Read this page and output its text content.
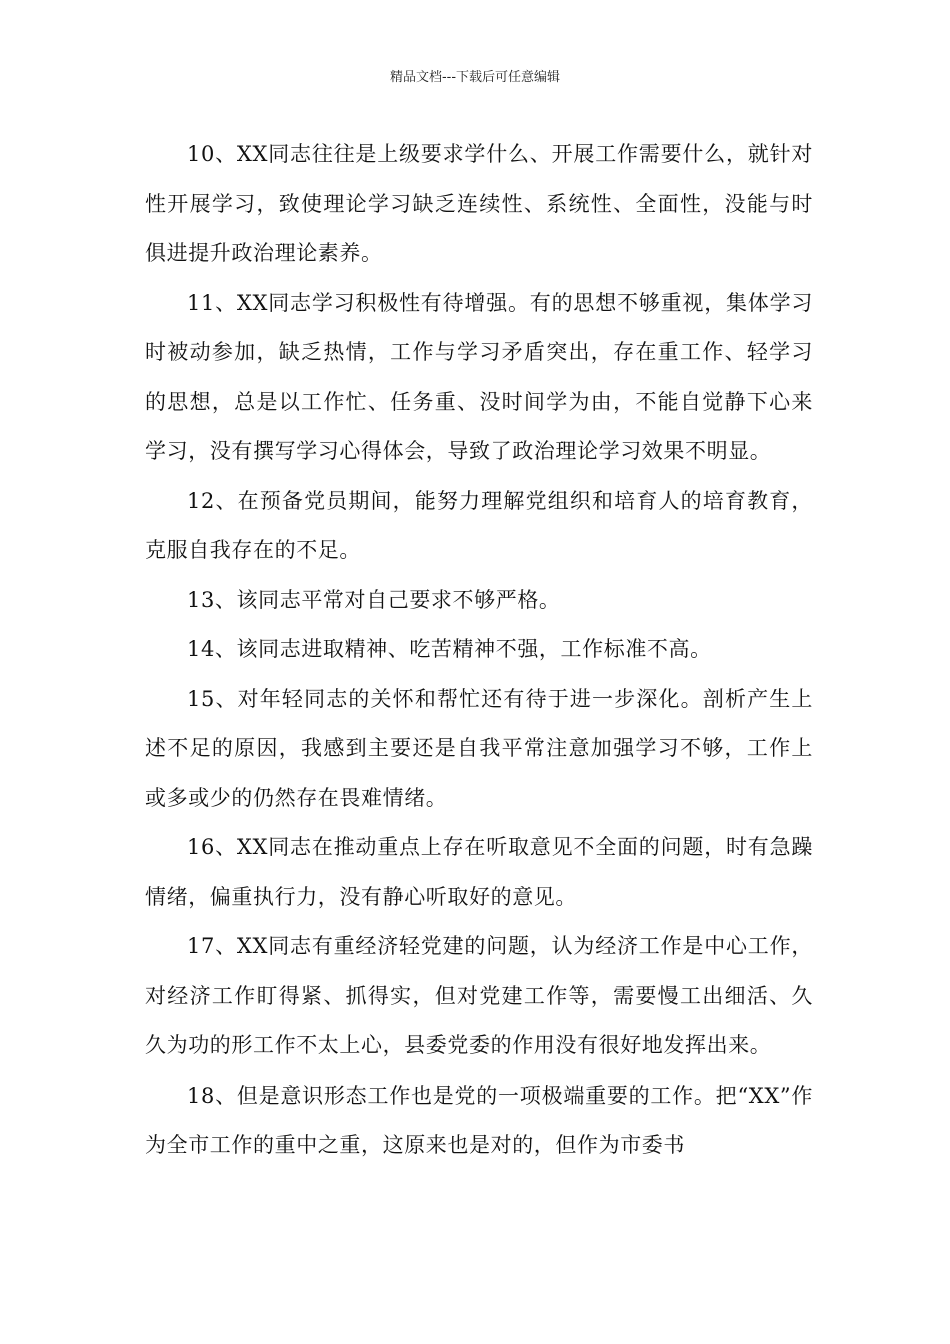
精品文档---下载后可任意编辑

10、XX同志往往是上级要求学什么、开展工作需要什么，就针对性开展学习，致使理论学习缺乏连续性、系统性、全面性，没能与时俱进提升政治理论素养。

11、XX同志学习积极性有待增强。有的思想不够重视，集体学习时被动参加，缺乏热情，工作与学习矛盾突出，存在重工作、轻学习的思想，总是以工作忙、任务重、没时间学为由，不能自觉静下心来学习，没有撰写学习心得体会，导致了政治理论学习效果不明显。

12、在预备党员期间，能努力理解党组织和培育人的培育教育，克服自我存在的不足。

13、该同志平常对自己要求不够严格。

14、该同志进取精神、吃苦精神不强，工作标准不高。

15、对年轻同志的关怀和帮忙还有待于进一步深化。剖析产生上述不足的原因，我感到主要还是自我平常注意加强学习不够，工作上或多或少的仍然存在畏难情绪。

16、XX同志在推动重点上存在听取意见不全面的问题，时有急躁情绪，偏重执行力，没有静心听取好的意见。

17、XX同志有重经济轻党建的问题，认为经济工作是中心工作，对经济工作盯得紧、抓得实，但对党建工作等，需要慢工出细活、久久为功的形工作不太上心，县委党委的作用没有很好地发挥出来。

18、但是意识形态工作也是党的一项极端重要的工作。把“XX”作为全市工作的重中之重，这原来也是对的，但作为市委书
